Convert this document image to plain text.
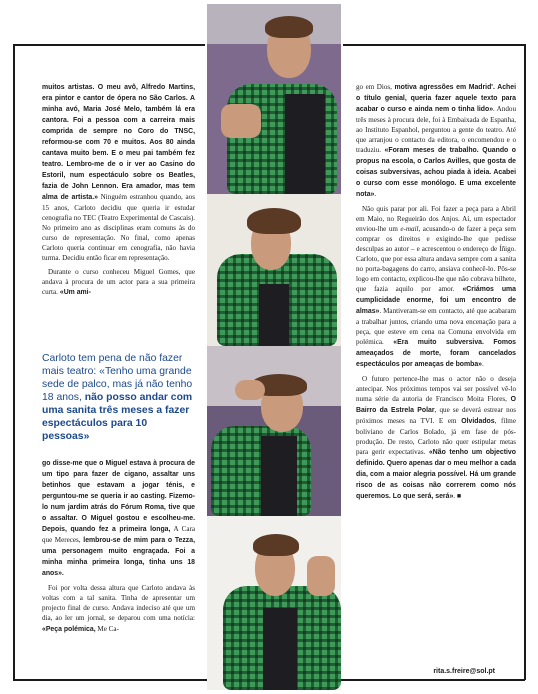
muitos artistas. O meu avô, Alfredo Martins, era pintor e cantor de ópera no São Carlos. A minha avó, Maria José Melo, também lá era cantora. Foi a pessoa com a carreira mais comprida de sempre no Coro do TNSC, reformou-se com 70 e muitos. Aos 80 ainda cantava muito bem. E o meu pai também fez teatro. Lembro-me de o ir ver ao Casino do Estoril, num espectáculo sobre os Beatles, fazia de John Lennon. Era amador, mas tem alma de artista.» Ninguém estranhou quando, aos 15 anos, Carloto decidiu que queria ir estudar cenografia no TEC (Teatro Experimental de Cascais). No primeiro ano as disciplinas eram comuns às do curso de representação. No final, como apenas Carloto queria continuar em cenografia, não havia turma. Decidiu então ficar em representação.

Durante o curso conheceu Miguel Gomes, que andava à procura de um actor para a sua primeira curta. «Um ami-

Carloto tem pena de não fazer mais teatro: «Tenho uma grande sede de palco, mas já não tenho 18 anos, não posso andar com uma sanita três meses a fazer espectáculos para 10 pessoas»

go disse-me que o Miguel estava à procura de um tipo para fazer de cigano, assaltar uns betinhos que estavam a jogar ténis, e perguntou-me se queria ir ao casting. Fizemo-lo num jardim atrás do Fórum Roma, tive que o assaltar. O Miguel gostou e escolheu-me. Depois, quando fez a primeira longa, A Cara que Mereces, lembrou-se de mim para o Tezza, uma personagem muito engraçada. Foi a minha minha primeira longa, tinha uns 18 anos».

Foi por volta dessa altura que Carloto andava às voltas com a tal sanita. Tinha de apresentar um projecto final de curso. Andava indeciso até que um dia, ao ler um jornal, se deparou com uma notícia: «Peça polémica, Me Ca-

go em Dios, motiva agressões em Madrid'. Achei o título genial, queria fazer aquele texto para acabar o curso e ainda nem o tinha lido». Andou três meses à procura dele, foi à Embaixada de Espanha, ao Instituto Espanhol, perguntou a gente do teatro. Até que arranjou o contacto da editora, o encomendou e o traduziu. «Foram meses de trabalho. Quando o propus na escola, o Carlos Avilles, que gosta de coisas subversivas, achou piada à ideia. Acabei o curso com esse monólogo. E uma excelente nota».

Não quis parar por ali. Foi fazer a peça para a Abril em Maio, no Regueirão dos Anjos. Aí, um espectador enviou-lhe um e-mail, acusando-o de fazer a peça sem comprar os direitos e exigindo-lhe que pedisse desculpas ao autor – e acrescentou o endereço de Íñigo. Carloto, que por essa altura andava sempre com a sanita no porta-bagagens do carro, ansiava conhecê-lo. Pôs-se logo em contacto, explicou-lhe que não cobrava bilhete, que fazia aquilo por amor. «Criámos uma cumplicidade enorme, foi um encontro de almas». Mantiveram-se em contacto, até que acabaram a trabalhar juntos, criando uma nova encenação para a peça, que esteve em cena na Comuna envolvida em polémica. «Era muito subversiva. Fomos ameaçados de morte, foram cancelados espectáculos por ameaças de bomba».

O futuro pertence-lhe mas o actor não o deseja antecipar. Nos próximos tempos vai ser possível vê-lo numa série da autoria de Francisco Moita Flores, O Bairro da Estrela Polar, que se deverá estrear nos próximos meses na TVI. E em Olvidados, filme boliviano de Carlos Bolado, já em fase de pós-produção. De resto, Carloto não quer estipular metas para gerir expectativas. «Não tenho um objectivo definido. Quero apenas dar o meu melhor a cada dia, com a maior alegria possível. Há um grande risco de as coisas não correrem como nós queremos. Lo que será, será». ■

rita.s.freire@sol.pt
